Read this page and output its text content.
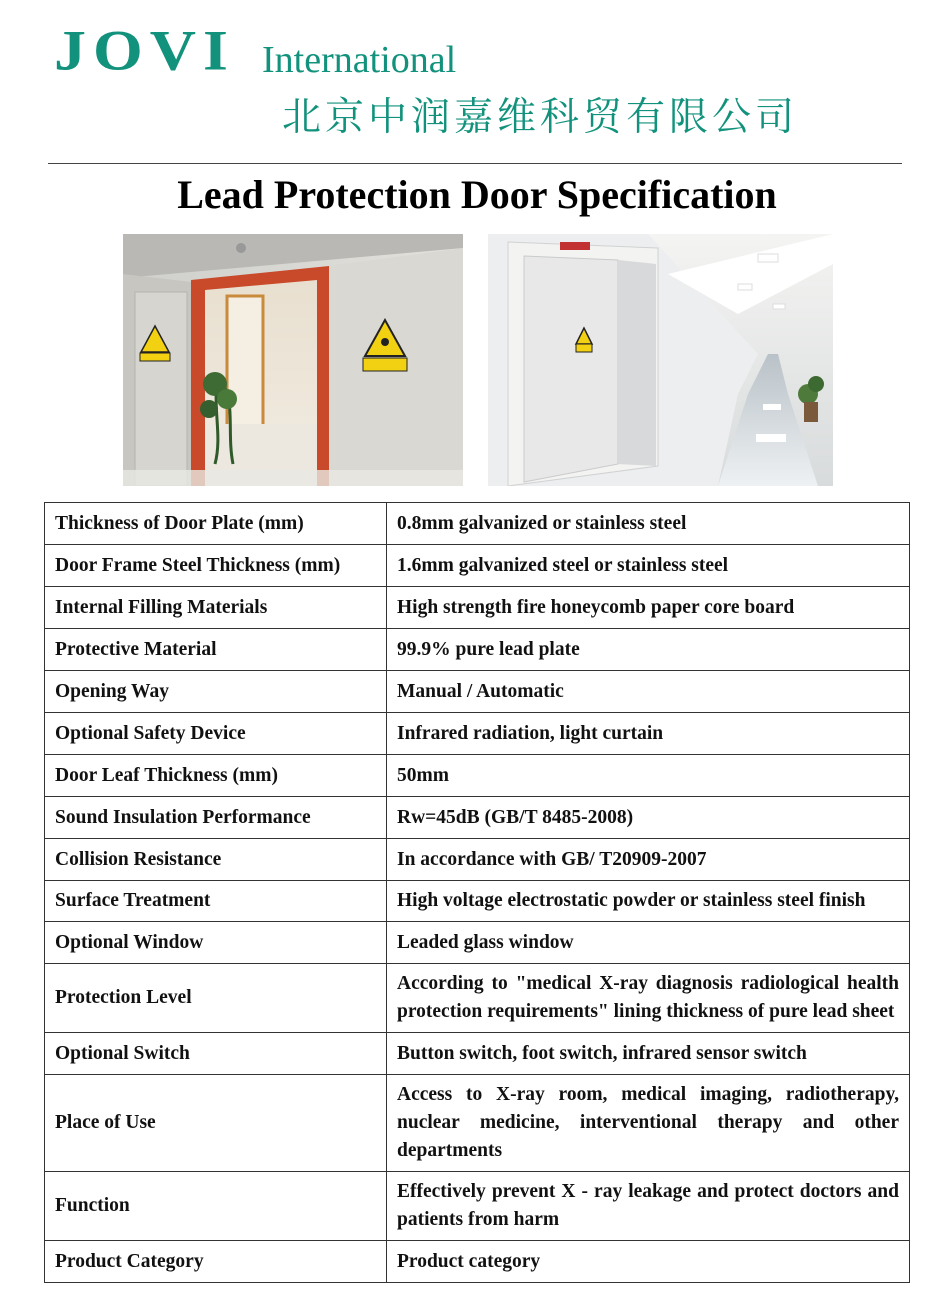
JOVI International
北京中润嘉维科贸有限公司
Lead Protection Door Specification
Thickness of Door Plate (mm)	0.8mm galvanized or stainless steel
Door Frame Steel Thickness (mm)	1.6mm galvanized steel or stainless steel
Internal Filling Materials	High strength fire honeycomb paper core board
Protective Material	99.9% pure lead plate
Opening Way	Manual / Automatic
Optional Safety Device	Infrared radiation, light curtain
Door Leaf Thickness (mm)	50mm
Sound Insulation Performance	Rw=45dB (GB/T 8485-2008)
Collision Resistance	In accordance with GB/ T20909-2007
Surface Treatment	High voltage electrostatic powder or stainless steel finish
Optional Window	Leaded glass window
Protection Level	According to "medical X-ray diagnosis radiological health protection requirements" lining thickness of pure lead sheet
Optional Switch	Button switch, foot switch, infrared sensor switch
Place of Use	Access to X-ray room, medical imaging, radiotherapy, nuclear medicine, interventional therapy and other departments
Function	Effectively prevent X - ray leakage and protect doctors and patients from harm
Product Category	Product category
